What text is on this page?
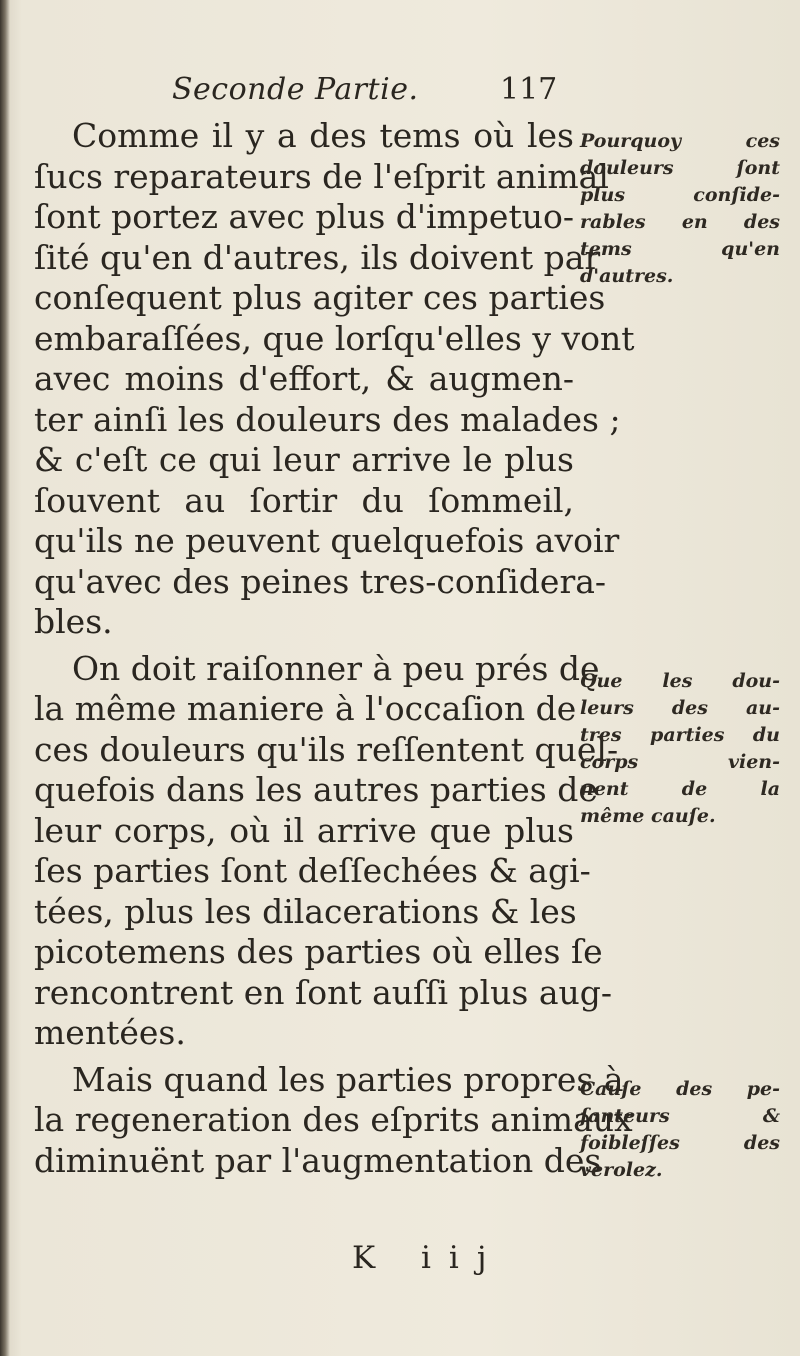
Seconde Partie.	117
Comme il y a des tems où les
ſucs reparateurs de l'eſprit animal
ſont portez avec plus d'impetuo-
ſité qu'en d'autres, ils doivent par
conſequent plus agiter ces parties
embaraſſées, que lorſqu'elles y vont
avec moins d'effort, & augmen-
ter ainſi les douleurs des malades ;
& c'eſt ce qui leur arrive le plus
ſouvent au ſortir du ſommeil,
qu'ils ne peuvent quelquefois avoir
qu'avec des peines tres-conſidera-
bles.
On doit raiſonner à peu prés de
la même maniere à l'occaſion de
ces douleurs qu'ils reſſentent quel-
quefois dans les autres parties de
leur corps, où il arrive que plus
ſes parties ſont deſſechées & agi-
tées, plus les dilacerations & les
picotemens des parties où elles ſe
rencontrent en ſont auſſi plus aug-
mentées.
Mais quand les parties propres à
la regeneration des eſprits animaux
diminuënt par l'augmentation des
Pourquoy ces
douleurs ſont
plus conſide-
rables en des
tems qu'en
d'autres.
Que les dou-
leurs des au-
tres parties du
corps vien-
nent de la
même cauſe.
Cauſe des pe-
ſanteurs &
foibleſſes des
verolez.
K iij
